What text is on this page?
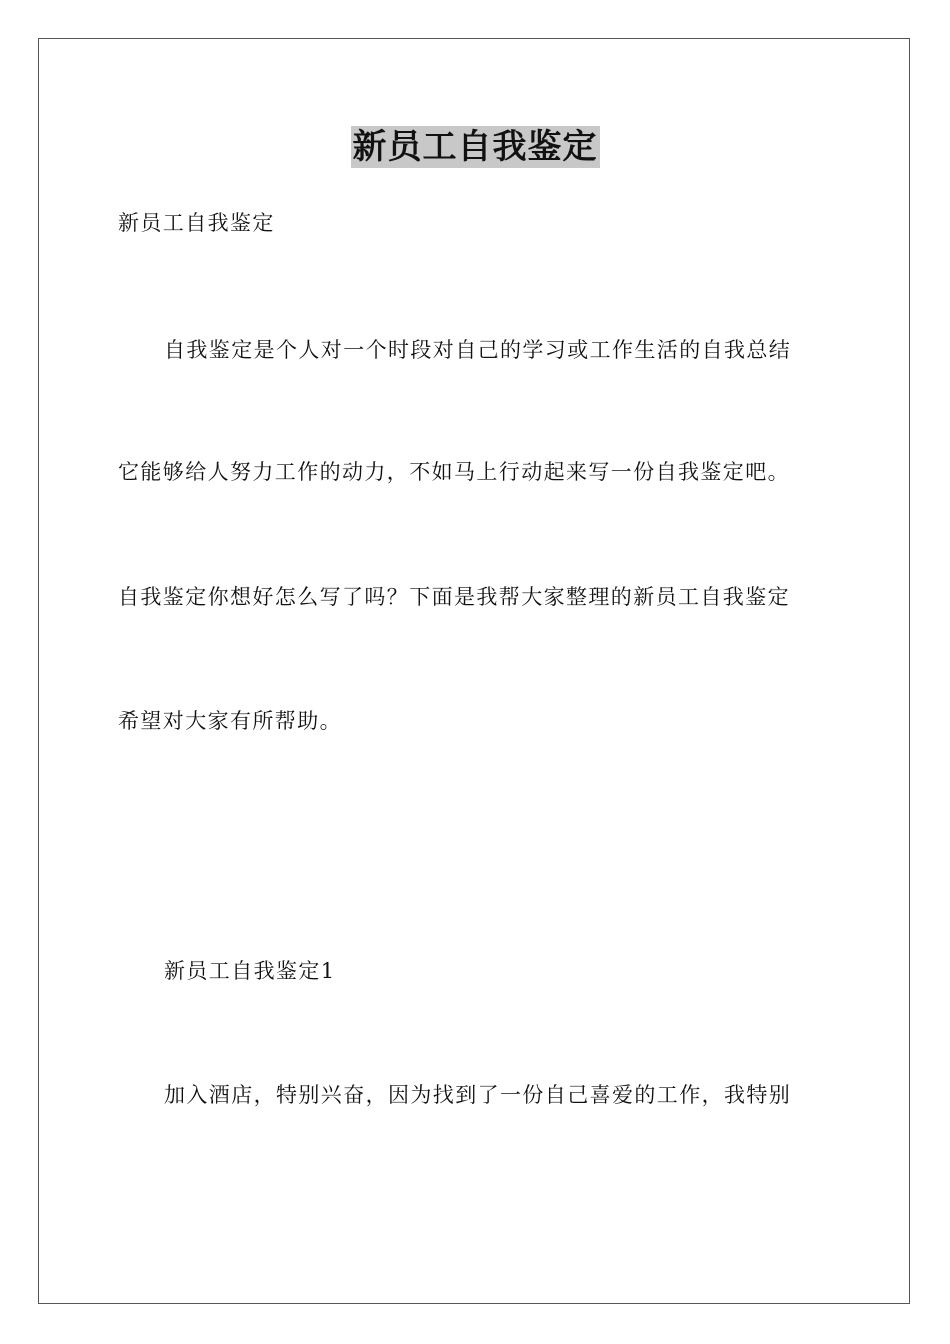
新员工自我鉴定

新员工自我鉴定

自我鉴定是个人对一个时段对自己的学习或工作生活的自我总结

它能够给人努力工作的动力，不如马上行动起来写一份自我鉴定吧。

自我鉴定你想好怎么写了吗？下面是我帮大家整理的新员工自我鉴定

希望对大家有所帮助。

新员工自我鉴定1

加入酒店，特别兴奋，因为找到了一份自己喜爱的工作，我特别
